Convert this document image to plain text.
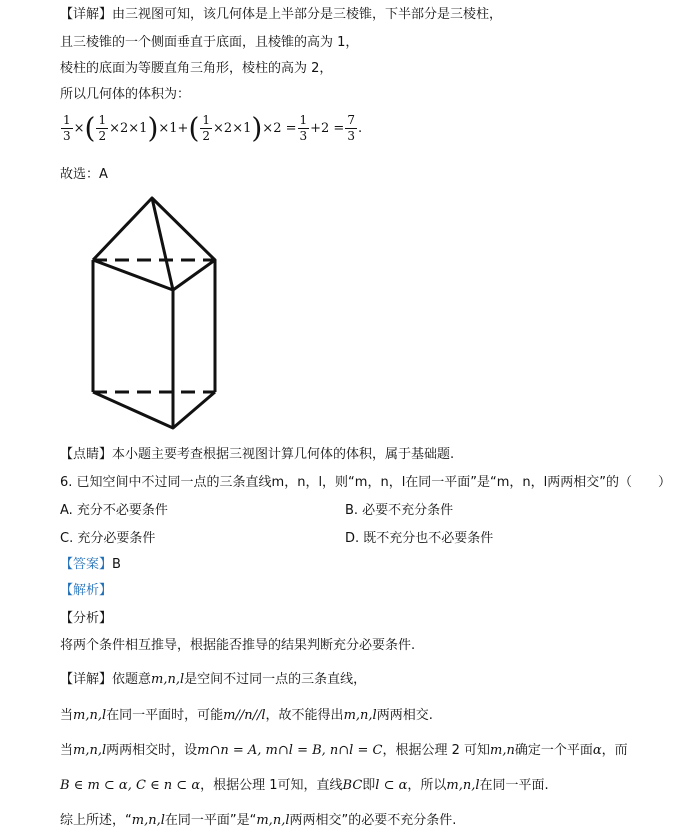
【详解】由三视图可知，该几何体是上半部分是三棱锥，下半部分是三棱柱，
且三棱锥的一个侧面垂直于底面，且棱锥的高为 1，
棱柱的底面为等腰直角三角形，棱柱的高为 2，
所以几何体的体积为：
$\frac{1}{3}$ ×( $\frac{1}{2} \times 2\times 1)\times 1+( \frac{1}{2} \times 2\times 1)\times 2 = \frac{1}{3} +2 = \frac{7}{3}$ .
故选：A
【点睛】本小题主要考查根据三视图计算几何体的体积，属于基础题.
6. 已知空间中不过同一点的三条直线m，n，l，则“m，n，l在同一平面”是“m，n，l两两相交”的（　　）
A. 充分不必要条件	B. 必要不充分条件
C. 充分必要条件	D. 既不充分也不必要条件
【答案】B
【解析】
【分析】
将两个条件相互推导，根据能否推导的结果判断充分必要条件.
【详解】依题意m,n,l是空间不过同一点的三条直线，
当m,n,l在同一平面时，可能m//n//l，故不能得出m,n,l两两相交.
当m,n,l两两相交时，设m∩n = A, m∩l = B, n∩l = C，根据公理 2 可知m,n确定一个平面α，而
B ∈ m ⊂ α, C ∈ n ⊂ α，根据公理 1可知，直线BC即l ⊂ α，所以m,n,l在同一平面.
综上所述，“m,n,l在同一平面”是“m,n,l两两相交”的必要不充分条件.
